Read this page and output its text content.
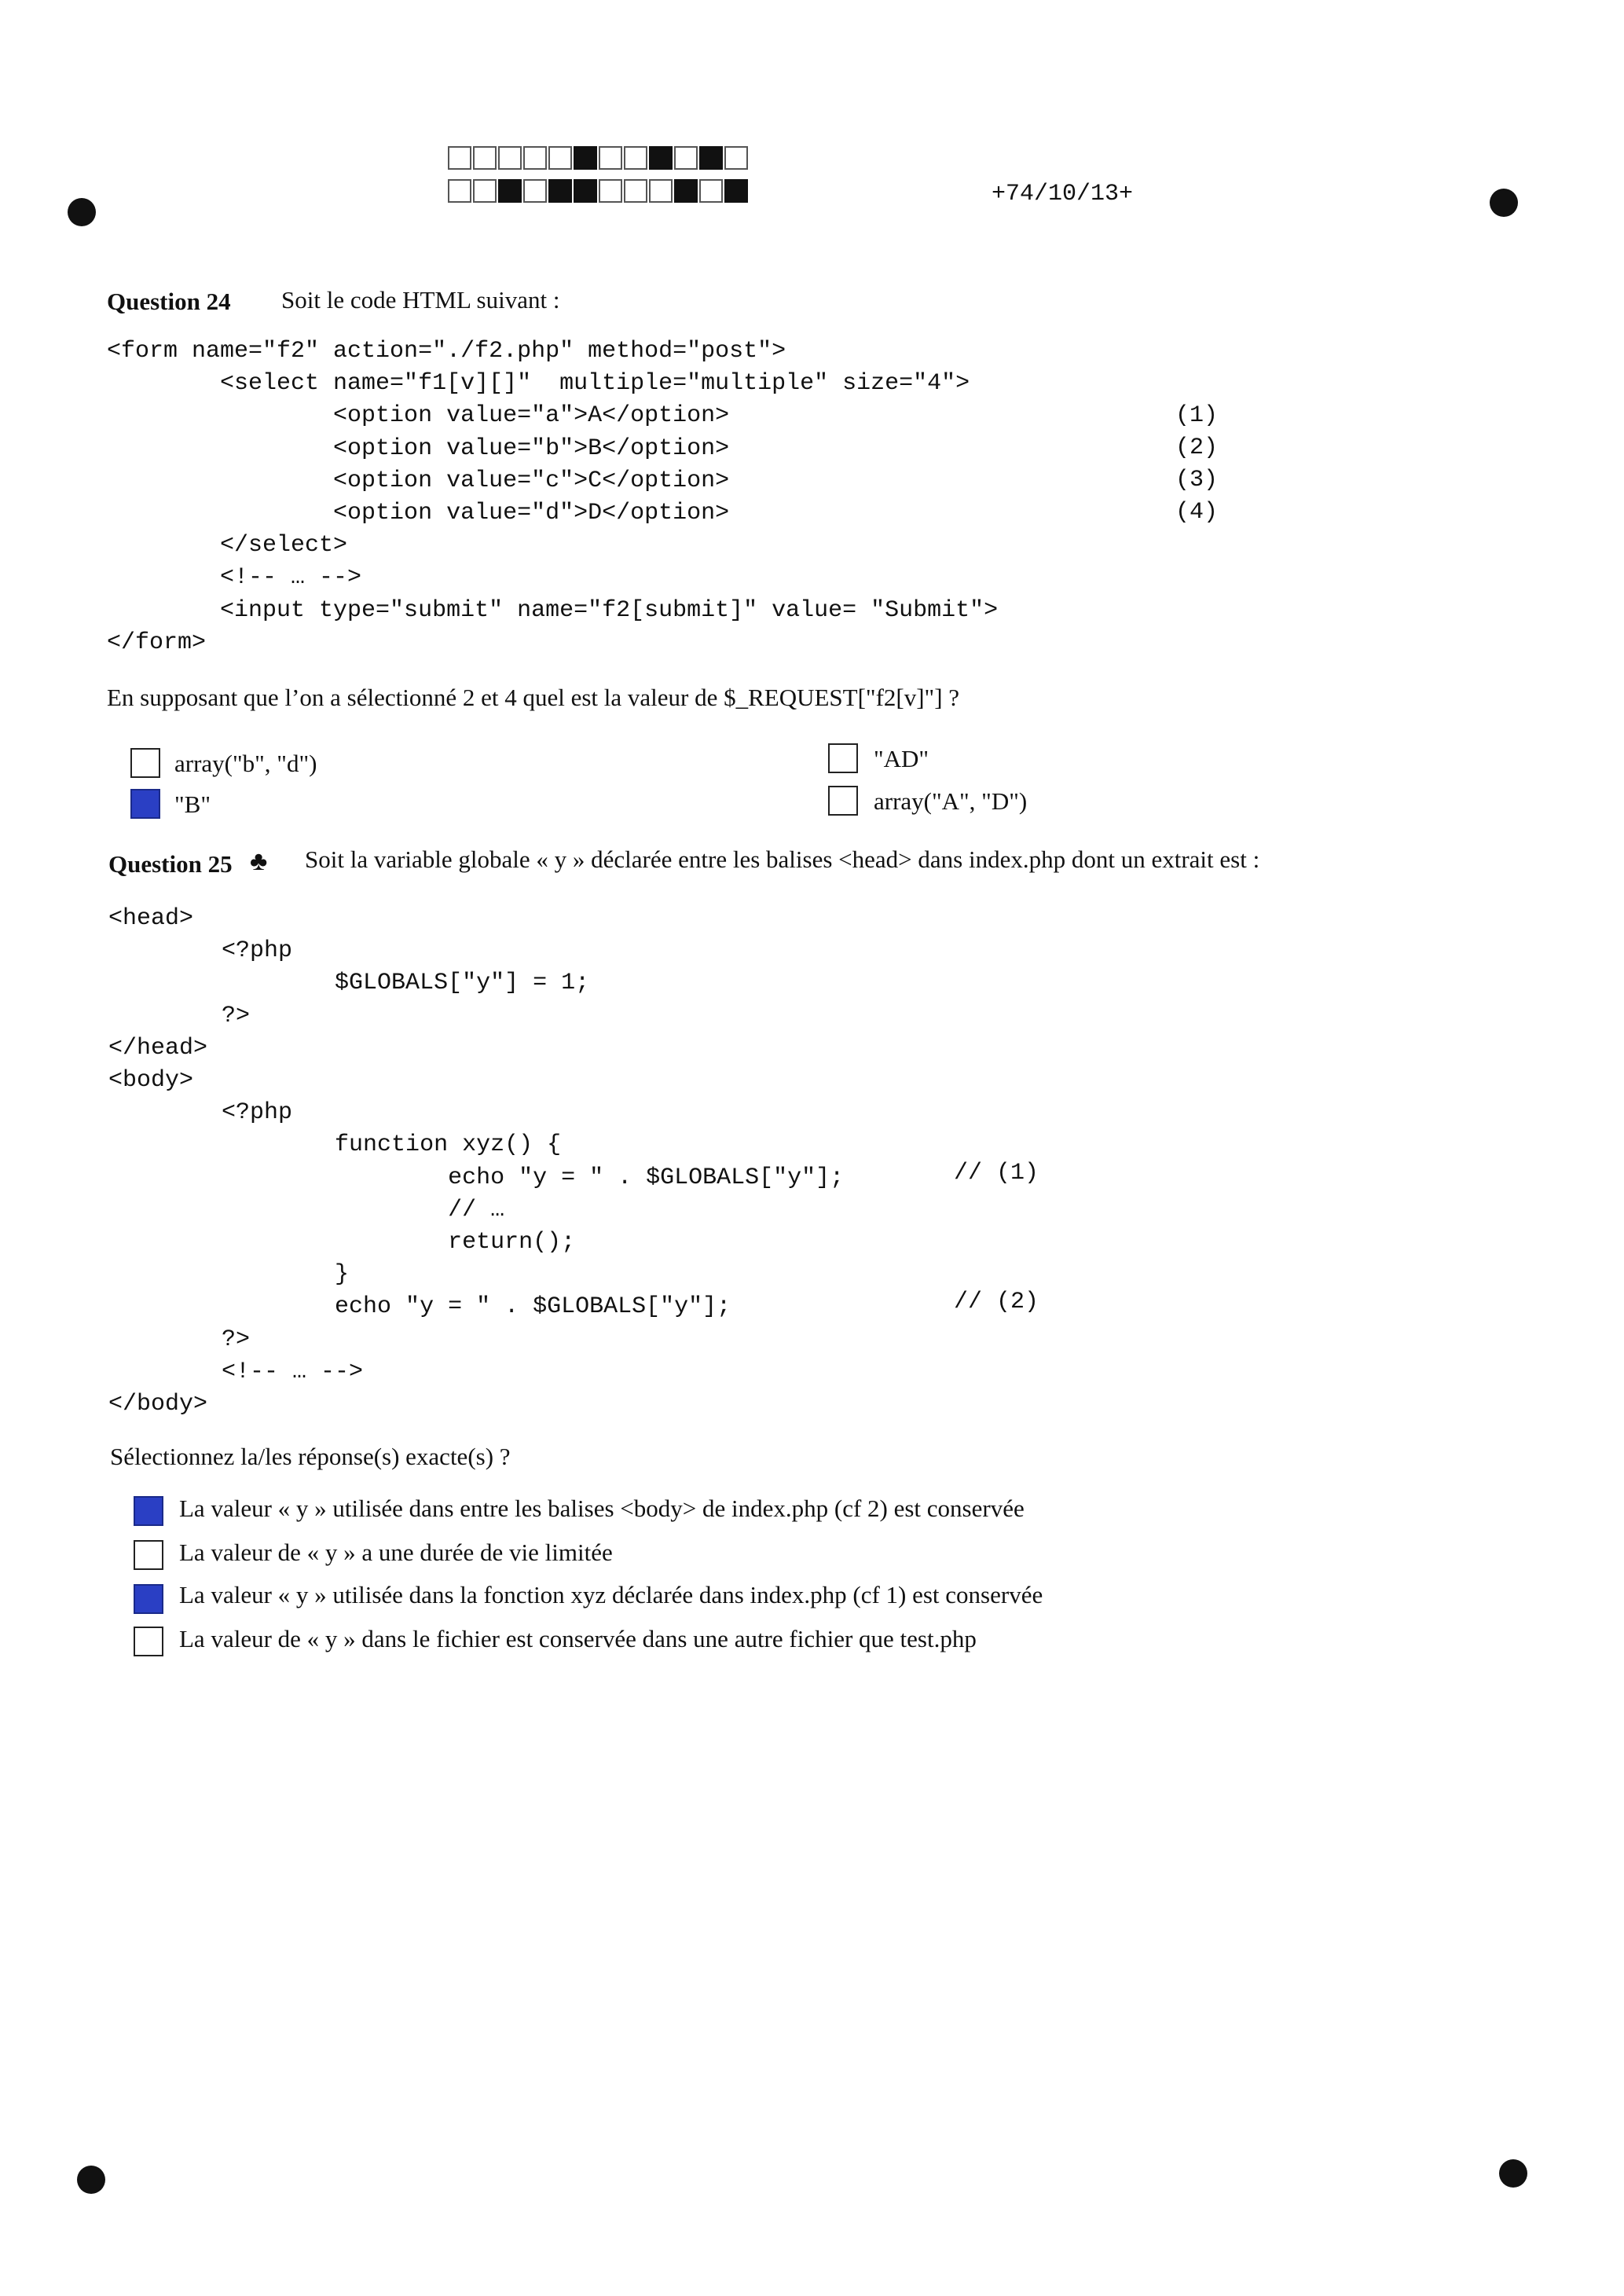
+74/10/13+
Question 24 Soit le code HTML suivant :
<form name="f2" action="./f2.php" method="post">
<select name="f1[v][]"  multiple="multiple" size="4">
<option value="a">A</option>
<option value="b">B</option>
<option value="c">C</option>
<option value="d">D</option>
</select>
<!-- … -->
<input type="submit" name="f2[submit]" value= "Submit">
</form>
(1)
(2)
(3)
(4)
En supposant que l’on a sélectionné 2 et 4 quel est la valeur de $_REQUEST["f2[v]"] ?
array("b", "d")
"B"
"AD"
array("A", "D")
Question 25 ♣ Soit la variable globale « y » déclarée entre les balises <head> dans index.php dont un extrait est :
<head>
<?php
$GLOBALS["y"] = 1;
?>
</head>
<body>
<?php
function xyz() {
echo "y = " . $GLOBALS["y"];
// …
return();
}
echo "y = " . $GLOBALS["y"];
?>
<!-- … -->
</body>
// (1)
// (2)
Sélectionnez la/les réponse(s) exacte(s) ?
La valeur « y » utilisée dans entre les balises <body> de index.php (cf 2) est conservée
La valeur de « y » a une durée de vie limitée
La valeur « y » utilisée dans la fonction xyz déclarée dans index.php (cf 1) est conservée
La valeur de « y » dans le fichier est conservée dans une autre fichier que test.php
